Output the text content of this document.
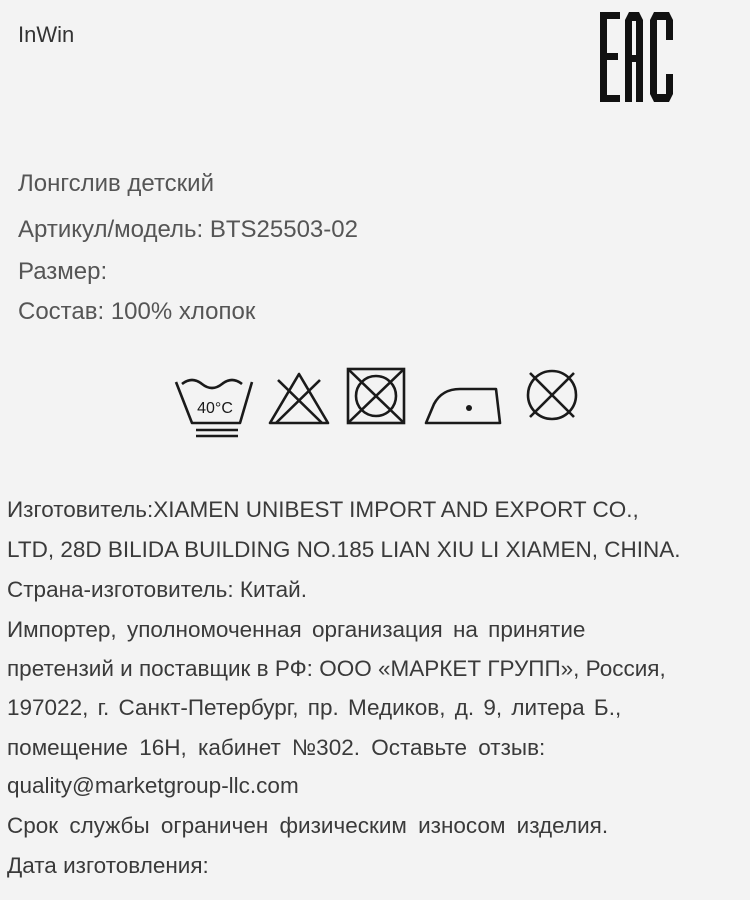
InWin
Лонгслив детский
Артикул/модель: BTS25503-02
Размер:
Состав: 100% хлопок
40°C
Изготовитель:XIAMEN UNIBEST IMPORT AND EXPORT CO.,
LTD, 28D BILIDA BUILDING NO.185 LIAN XIU LI XIAMEN, CHINA.
Страна-изготовитель: Китай.
Импортер, уполномоченная организация на принятие
претензий и поставщик в РФ: ООО «МАРКЕТ ГРУПП», Россия,
197022, г. Санкт-Петербург, пр. Медиков, д. 9, литера Б.,
помещение 16Н, кабинет №302. Оставьте отзыв:
quality@marketgroup-llc.com
Срок службы ограничен физическим износом изделия.
Дата изготовления:
